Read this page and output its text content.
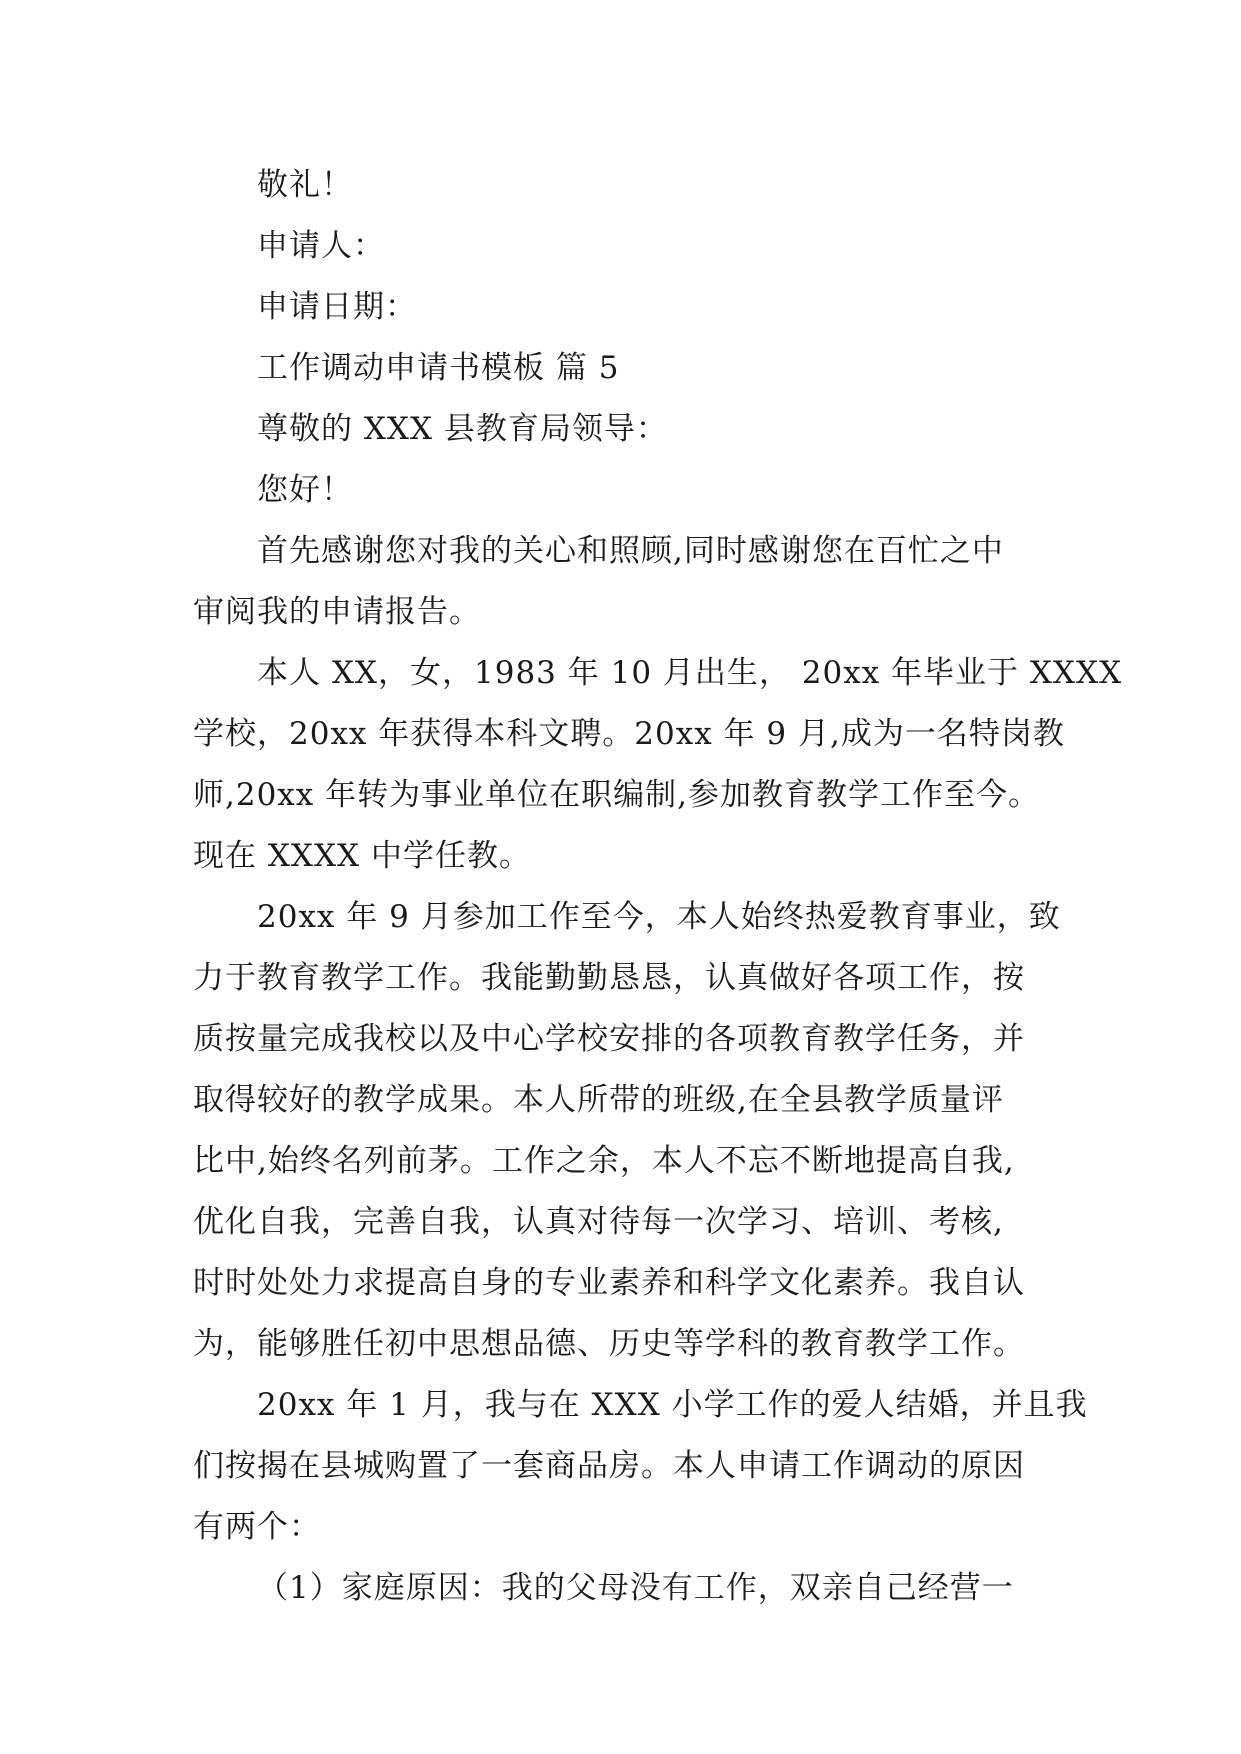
敬礼！
申请人：
申请日期：
工作调动申请书模板 篇 5
尊敬的 XXX 县教育局领导：
您好！
首先感谢您对我的关心和照顾,同时感谢您在百忙之中
审阅我的申请报告。
本人 XX，女，1983 年 10 月出生， 20xx 年毕业于 XXXX
学校，20xx 年获得本科文聘。20xx 年 9 月,成为一名特岗教
师,20xx 年转为事业单位在职编制,参加教育教学工作至今。
现在 XXXX 中学任教。
20xx 年 9 月参加工作至今，本人始终热爱教育事业，致
力于教育教学工作。我能勤勤恳恳，认真做好各项工作，按
质按量完成我校以及中心学校安排的各项教育教学任务，并
取得较好的教学成果。本人所带的班级,在全县教学质量评
比中,始终名列前茅。工作之余，本人不忘不断地提高自我,
优化自我，完善自我，认真对待每一次学习、培训、考核,
时时处处力求提高自身的专业素养和科学文化素养。我自认
为，能够胜任初中思想品德、历史等学科的教育教学工作。
20xx 年 1 月，我与在 XXX 小学工作的爱人结婚，并且我
们按揭在县城购置了一套商品房。本人申请工作调动的原因
有两个：
（1）家庭原因：我的父母没有工作，双亲自己经营一
